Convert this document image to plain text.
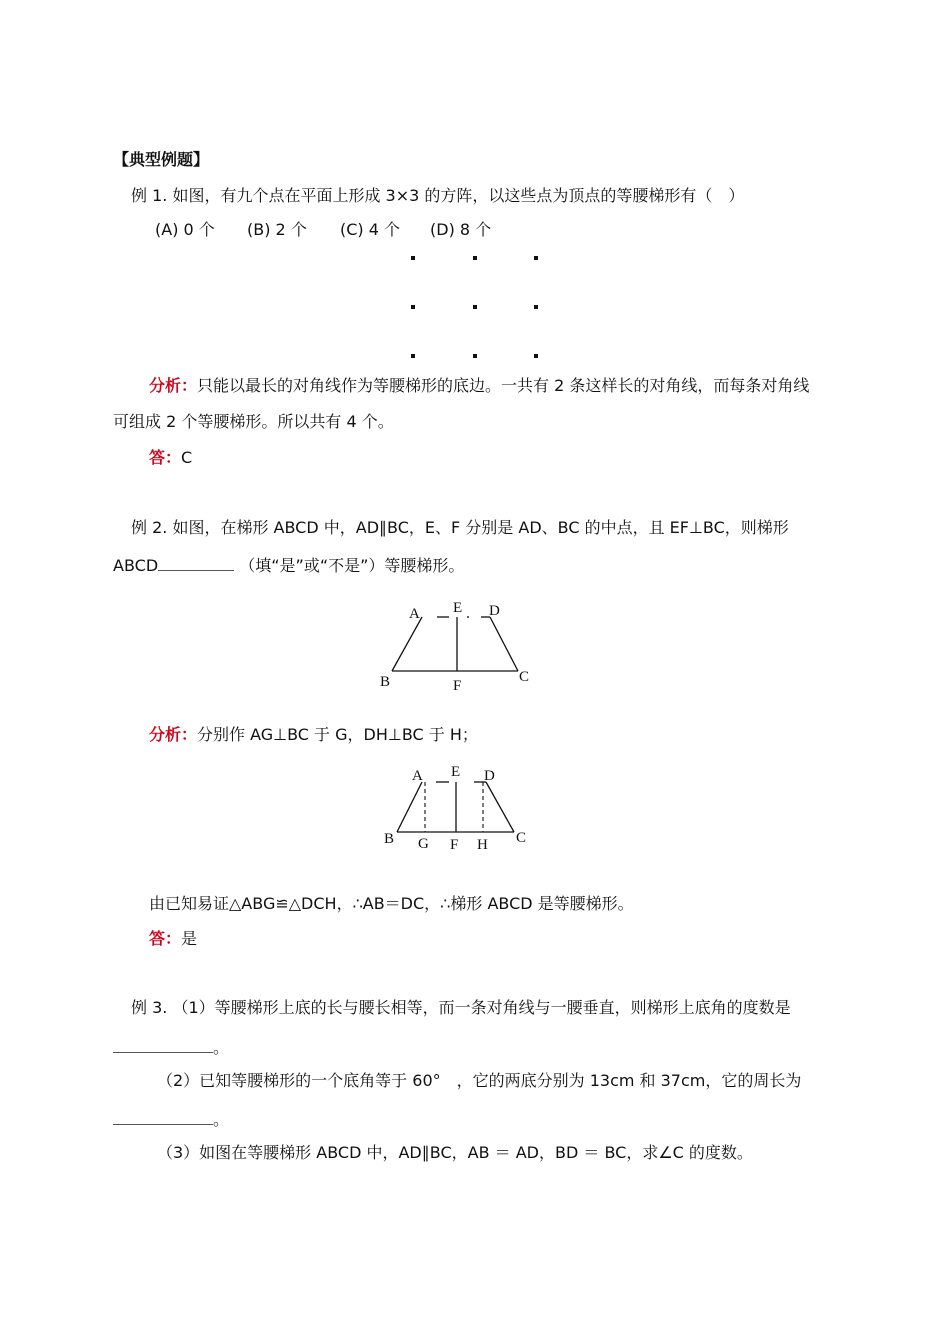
【典型例题】
例 1. 如图，有九个点在平面上形成 3×3 的方阵，以这些点为顶点的等腰梯形有（　）
(A) 0 个 (B) 2 个 (C) 4 个 (D) 8 个
分析：只能以最长的对角线作为等腰梯形的底边。一共有 2 条这样长的对角线，而每条对角线
可组成 2 个等腰梯形。所以共有 4 个。
答：C
例 2. 如图，在梯形 ABCD 中，AD∥BC，E、F 分别是 AD、BC 的中点，且 EF⊥BC，则梯形
ABCD	（填“是”或“不是”）等腰梯形。
A E D
B	F
C
分析：分别作 AG⊥BC 于 G，DH⊥BC 于 H；
A E D
B G F H C
由已知易证△ABG≌△DCH，∴AB＝DC，∴梯形 ABCD 是等腰梯形。
答：是
例 3. （1）等腰梯形上底的长与腰长相等，而一条对角线与一腰垂直，则梯形上底角的度数是
。
（2）已知等腰梯形的一个底角等于 60°　，它的两底分别为 13cm 和 37cm，它的周长为
。
（3）如图在等腰梯形 ABCD 中，AD∥BC，AB ＝ AD，BD ＝ BC，求∠C 的度数。
